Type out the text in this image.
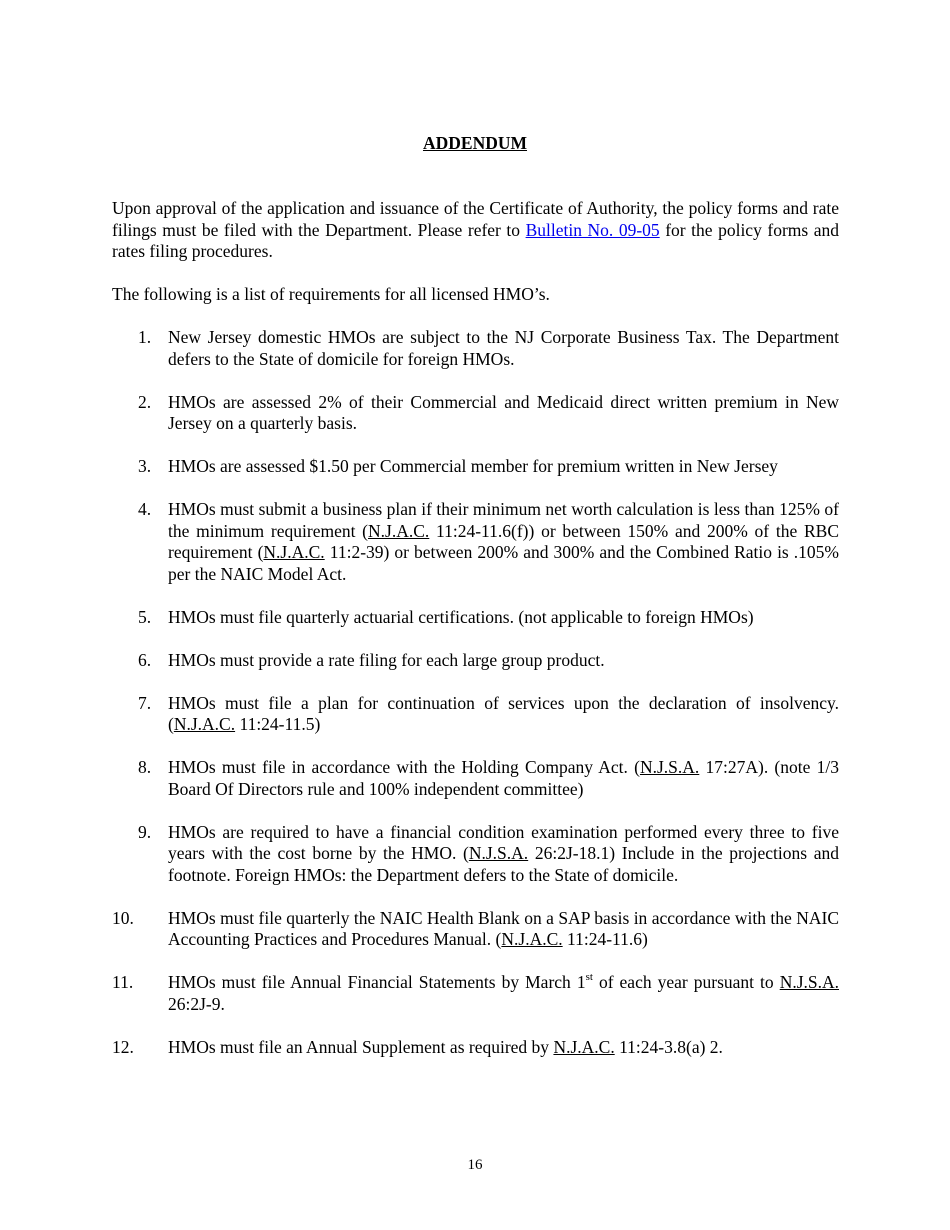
ADDENDUM

Upon approval of the application and issuance of the Certificate of Authority, the policy forms and rate filings must be filed with the Department. Please refer to Bulletin No. 09-05 for the policy forms and rates filing procedures.

The following is a list of requirements for all licensed HMO’s.

1. New Jersey domestic HMOs are subject to the NJ Corporate Business Tax. The Department defers to the State of domicile for foreign HMOs.
2. HMOs are assessed 2% of their Commercial and Medicaid direct written premium in New Jersey on a quarterly basis.
3. HMOs are assessed $1.50 per Commercial member for premium written in New Jersey
4. HMOs must submit a business plan if their minimum net worth calculation is less than 125% of the minimum requirement (N.J.A.C. 11:24-11.6(f)) or between 150% and 200% of the RBC requirement (N.J.A.C. 11:2-39) or between 200% and 300% and the Combined Ratio is .105% per the NAIC Model Act.
5. HMOs must file quarterly actuarial certifications. (not applicable to foreign HMOs)
6. HMOs must provide a rate filing for each large group product.
7. HMOs must file a plan for continuation of services upon the declaration of insolvency. (N.J.A.C. 11:24-11.5)
8. HMOs must file in accordance with the Holding Company Act. (N.J.S.A. 17:27A). (note 1/3 Board Of Directors rule and 100% independent committee)
9. HMOs are required to have a financial condition examination performed every three to five years with the cost borne by the HMO. (N.J.S.A. 26:2J-18.1) Include in the projections and footnote. Foreign HMOs: the Department defers to the State of domicile.
10. HMOs must file quarterly the NAIC Health Blank on a SAP basis in accordance with the NAIC Accounting Practices and Procedures Manual. (N.J.A.C. 11:24-11.6)
11. HMOs must file Annual Financial Statements by March 1st of each year pursuant to N.J.S.A. 26:2J-9.
12. HMOs must file an Annual Supplement as required by N.J.A.C. 11:24-3.8(a) 2.
16
